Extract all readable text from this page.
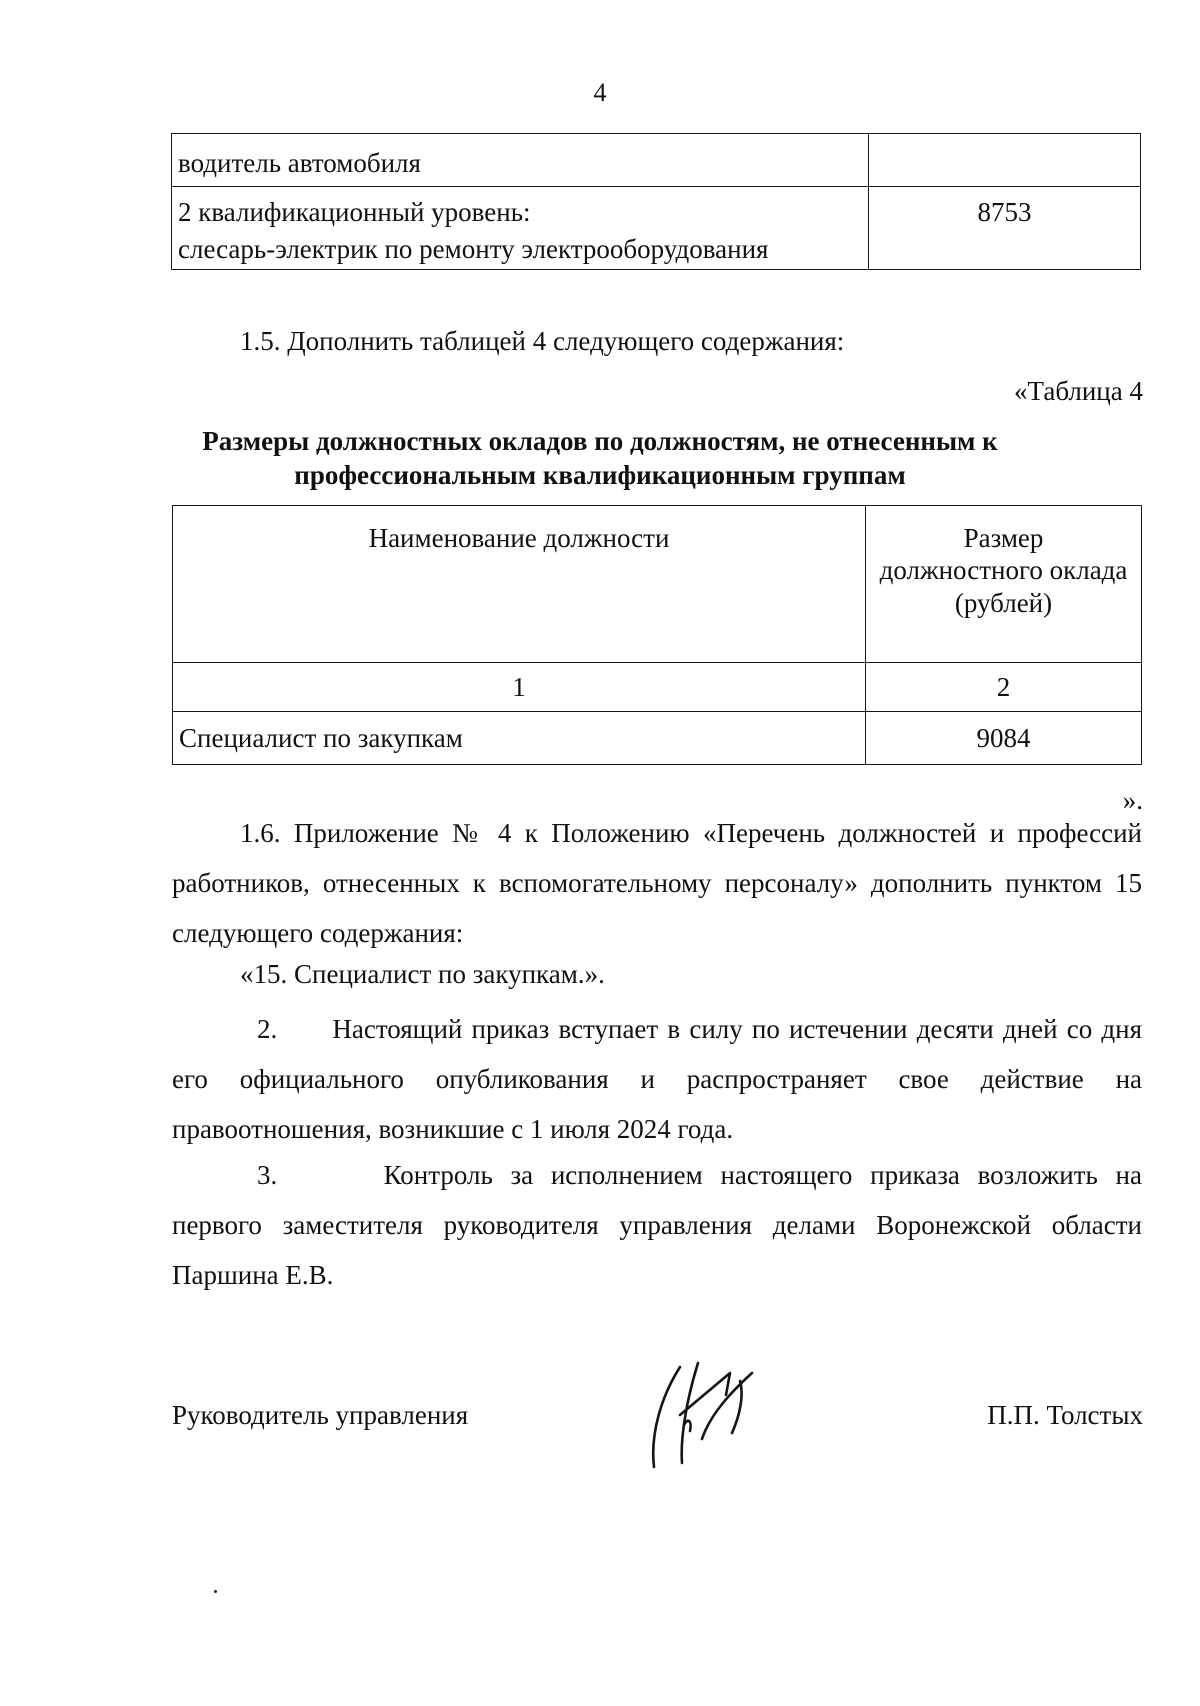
4
водитель автомобиля	
2 квалификационный уровень:
слесарь-электрик по ремонту электрооборудования	8753
1.5. Дополнить таблицей 4 следующего содержания:
«Таблица 4
Размеры должностных окладов по должностям, не отнесенным к
профессиональным квалификационным группам
Наименование должности	Размер
должностного оклада
(рублей)
1	2
Специалист по закупкам	9084
».
1.6. Приложение № 4 к Положению «Перечень должностей и профессий
работников, отнесенных к вспомогательному персоналу» дополнить пунктом 15
следующего содержания:
«15. Специалист по закупкам.».
2.      Настоящий приказ вступает в силу по истечении десяти дней со дня
его официального опубликования и распространяет свое действие на
правоотношения, возникшие с 1 июля 2024 года.
3.      Контроль за исполнением настоящего приказа возложить на
первого заместителя руководителя управления делами Воронежской области
Паршина Е.В.
Руководитель управления	П.П. Толстых
